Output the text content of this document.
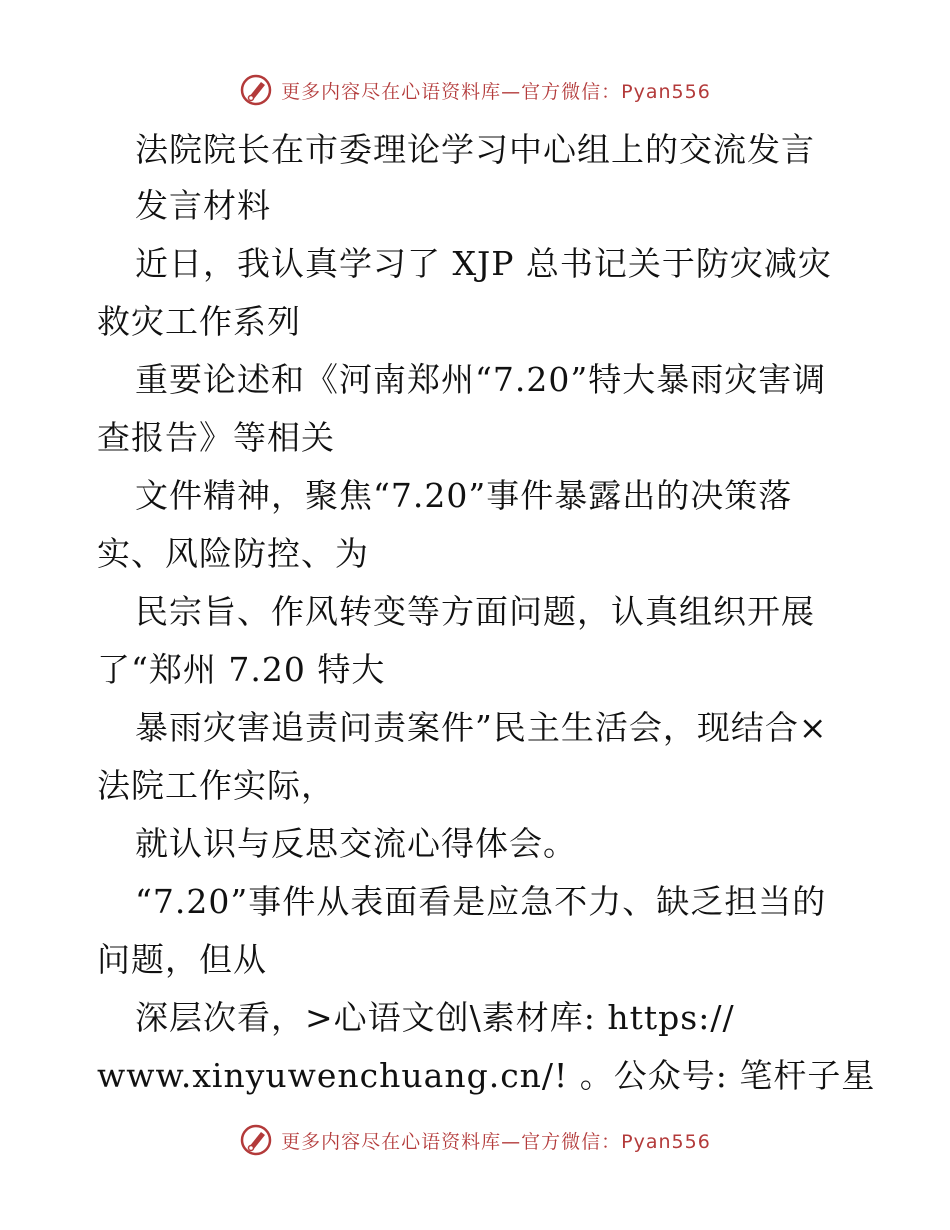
更多内容尽在心语资料库—官方微信：Pyan556
法院院长在市委理论学习中心组上的交流发言
发言材料
近日，我认真学习了 XJP 总书记关于防灾减灾
救灾工作系列
重要论述和《河南郑州“7.20”特大暴雨灾害调
查报告》等相关
文件精神，聚焦“7.20”事件暴露出的决策落
实、风险防控、为
民宗旨、作风转变等方面问题，认真组织开展
了“郑州 7.20 特大
暴雨灾害追责问责案件”民主生活会，现结合×
法院工作实际，
就认识与反思交流心得体会。
“7.20”事件从表面看是应急不力、缺乏担当的
问题，但从
深层次看，>心语文创\素材库: https://
www.xinyuwenchuang.cn/! 。公众号: 笔杆子星
更多内容尽在心语资料库—官方微信：Pyan556
